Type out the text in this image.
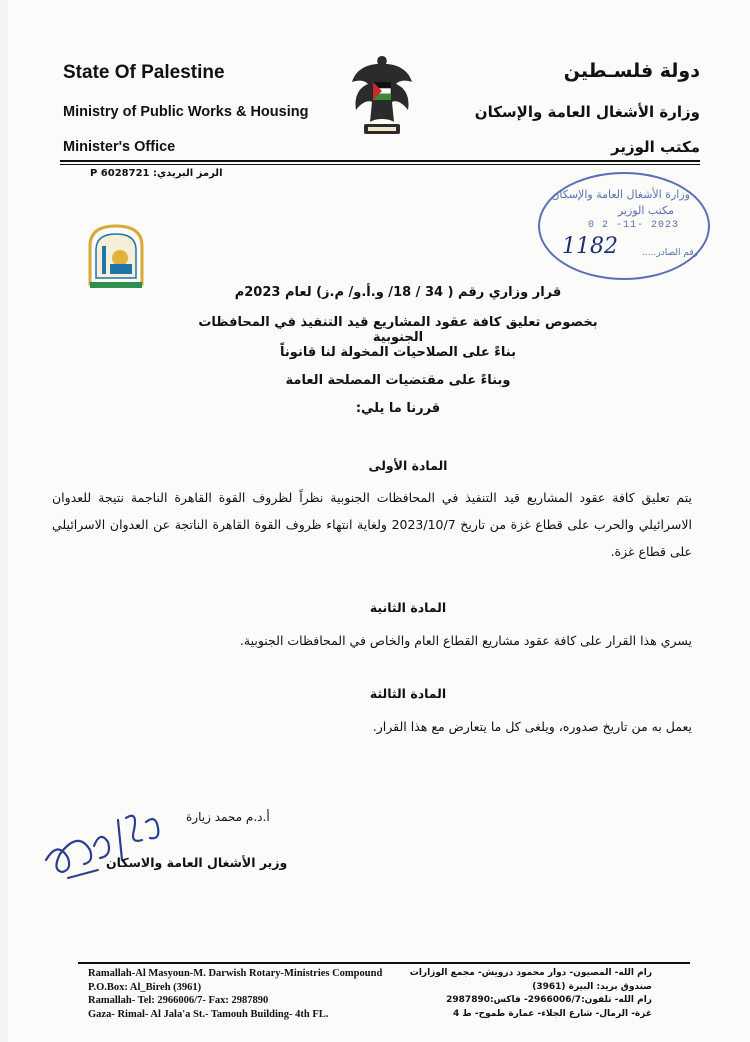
State Of Palestine
Ministry of Public Works & Housing
Minister's Office
دولة فلسـطين
وزارة الأشغال العامة والإسكان
مكتب الوزير
الرمز البريدي: P 6028721
وزارة الأشغال العامة والإسكان
مكتب الوزير
0 2 -11- 2023
1182	رقم الصادر.....
قرار وزاري رقم ( 34 / 18/ و.أ.و/ م.ز) لعام 2023م
بخصوص تعليق كافة عقود المشاريع قيد التنفيذ في المحافظات الجنوبية
بناءً على الصلاحيات المخولة لنا قانوناً
وبناءً على مقتضيات المصلحة العامة
قررنا ما يلي:
المادة الأولى
يتم تعليق كافة عقود المشاريع قيد التنفيذ في المحافظات الجنوبية نظراً لظروف القوة القاهرة الناجمة نتيجة للعدوان الاسرائيلي والحرب على قطاع غزة من تاريخ 2023/10/7 ولغاية انتهاء ظروف القوة القاهرة الناتجة عن العدوان الاسرائيلي على قطاع غزة.
المادة الثانية
يسري هذا القرار على كافة عقود مشاريع القطاع العام والخاص في المحافظات الجنوبية.
المادة الثالثة
يعمل به من تاريخ صدوره، ويلغى كل ما يتعارض مع هذا القرار.
أ.د.م محمد زيارة
وزير الأشغال العامة والاسكان
Ramallah-Al Masyoun-M. Darwish Rotary-Ministries Compound
P.O.Box: Al_Bireh (3961)
Ramallah- Tel: 2966006/7- Fax: 2987890
Gaza- Rimal- Al Jala'a St.- Tamouh Building- 4th FL.
رام الله- المصيون- دوار محمود درويش- مجمع الوزارات
صندوق بريد: البيرة (3961)
رام الله- تلفون:2966006/7- فاكس:2987890
غزة- الرمال- شارع الجلاء- عمارة طموح- ط 4
